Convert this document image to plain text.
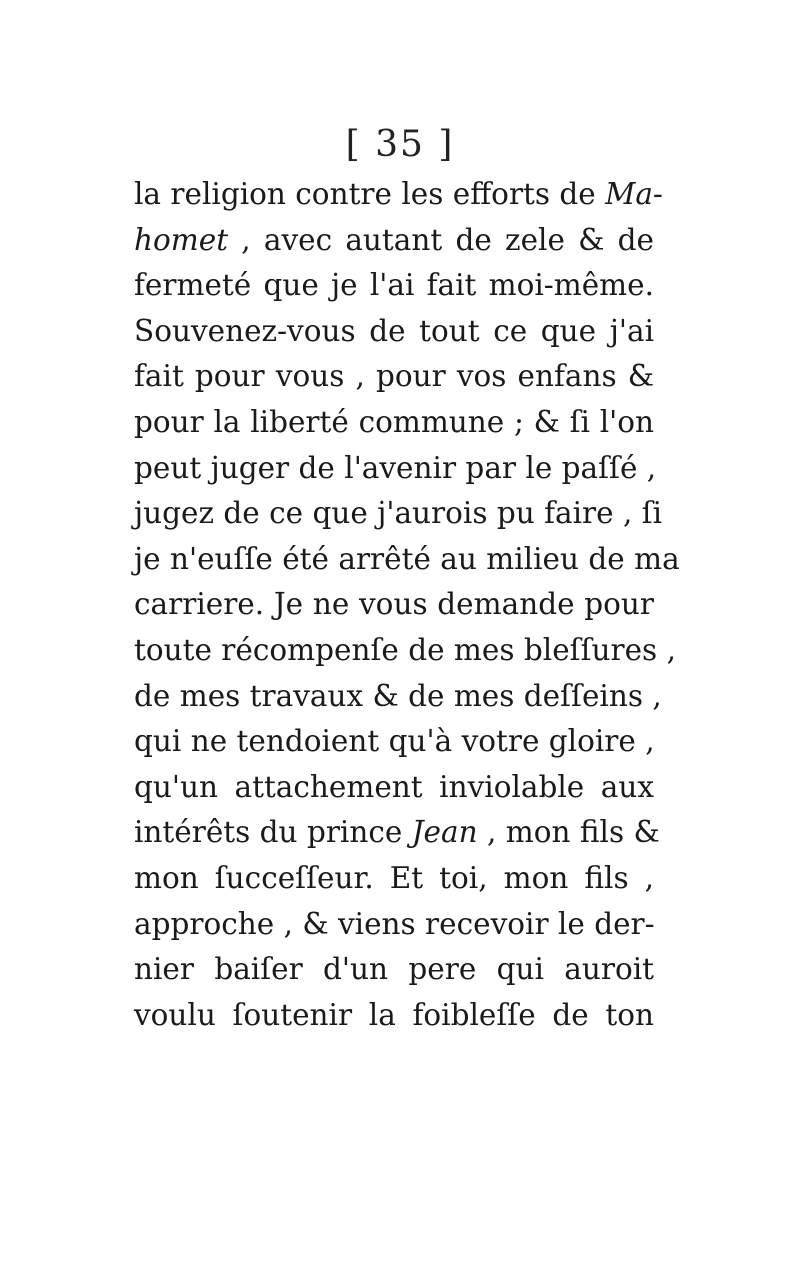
[ 35 ]
la religion contre les efforts de Ma-
homet , avec autant de zele & de
fermeté que je l'ai fait moi-même.
Souvenez-vous de tout ce que j'ai
fait pour vous , pour vos enfans &
pour la liberté commune ; & ſi l'on
peut juger de l'avenir par le paſſé ,
jugez de ce que j'aurois pu faire , ſi
je n'euſſe été arrêté au milieu de ma
carriere. Je ne vous demande pour
toute récompenſe de mes bleſſures ,
de mes travaux & de mes deſſeins ,
qui ne tendoient qu'à votre gloire ,
qu'un attachement inviolable aux
intérêts du prince Jean , mon fils &
mon ſucceſſeur. Et toi, mon fils ,
approche , & viens recevoir le der-
nier baiſer d'un pere qui auroit
voulu ſoutenir la foibleſſe de ton
